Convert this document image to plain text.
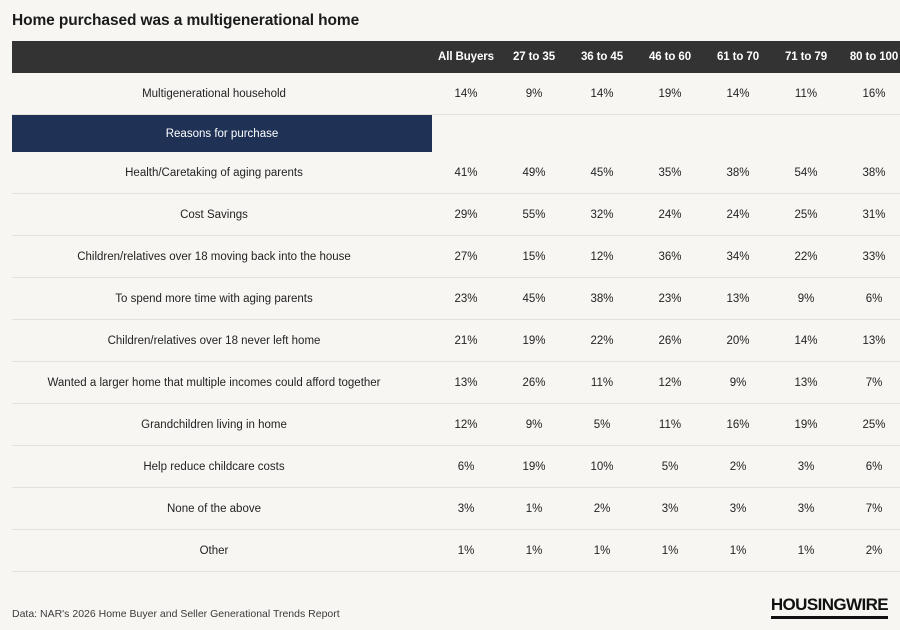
Home purchased was a multigenerational home
	All Buyers	27 to 35	36 to 45	46 to 60	61 to 70	71 to 79	80 to 100
Multigenerational household	14%	9%	14%	19%	14%	11%	16%
Reasons for purchase							
Health/Caretaking of aging parents	41%	49%	45%	35%	38%	54%	38%
Cost Savings	29%	55%	32%	24%	24%	25%	31%
Children/relatives over 18 moving back into the house	27%	15%	12%	36%	34%	22%	33%
To spend more time with aging parents	23%	45%	38%	23%	13%	9%	6%
Children/relatives over 18 never left home	21%	19%	22%	26%	20%	14%	13%
Wanted a larger home that multiple incomes could afford together	13%	26%	11%	12%	9%	13%	7%
Grandchildren living in home	12%	9%	5%	11%	16%	19%	25%
Help reduce childcare costs	6%	19%	10%	5%	2%	3%	6%
None of the above	3%	1%	2%	3%	3%	3%	7%
Other	1%	1%	1%	1%	1%	1%	2%
Data: NAR's 2026 Home Buyer and Seller Generational Trends Report	HOUSINGWIRE
